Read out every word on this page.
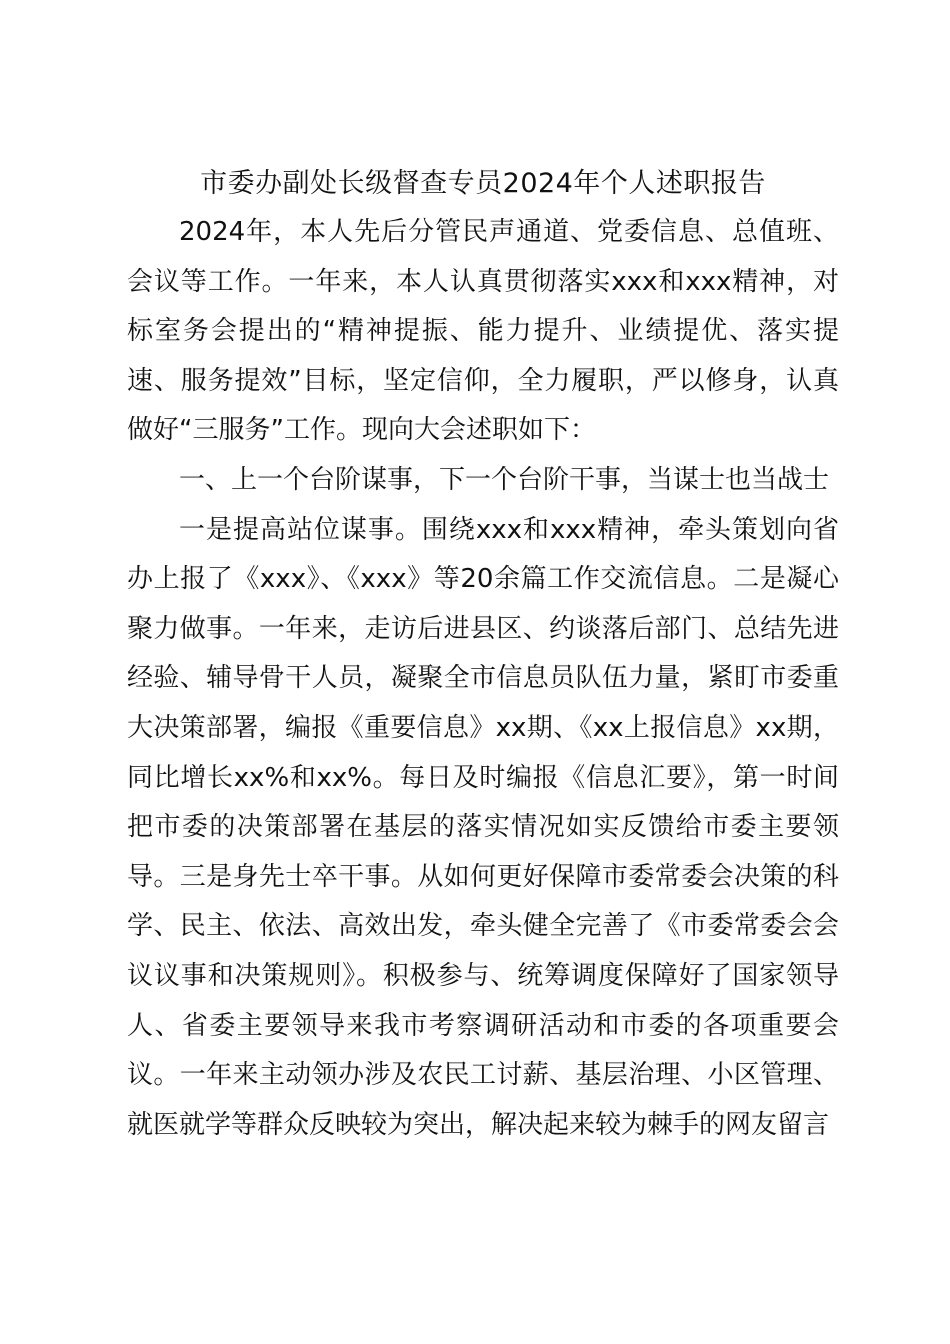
市委办副处长级督查专员2024年个人述职报告

2024年，本人先后分管民声通道、党委信息、总值班、会议等工作。一年来，本人认真贯彻落实xxx和xxx精神，对标室务会提出的“精神提振、能力提升、业绩提优、落实提速、服务提效”目标，坚定信仰，全力履职，严以修身，认真做好“三服务”工作。现向大会述职如下：

一、上一个台阶谋事，下一个台阶干事，当谋士也当战士

一是提高站位谋事。围绕xxx和xxx精神，牵头策划向省办上报了《xxx》、《xxx》等20余篇工作交流信息。二是凝心聚力做事。一年来，走访后进县区、约谈落后部门、总结先进经验、辅导骨干人员，凝聚全市信息员队伍力量，紧盯市委重大决策部署，编报《重要信息》xx期、《xx上报信息》xx期，同比增长xx%和xx%。每日及时编报《信息汇要》，第一时间把市委的决策部署在基层的落实情况如实反馈给市委主要领导。三是身先士卒干事。从如何更好保障市委常委会决策的科学、民主、依法、高效出发，牵头健全完善了《市委常委会会议议事和决策规则》。积极参与、统筹调度保障好了国家领导人、省委主要领导来我市考察调研活动和市委的各项重要会议。一年来主动领办涉及农民工讨薪、基层治理、小区管理、就医就学等群众反映较为突出，解决起来较为棘手的网友留言
